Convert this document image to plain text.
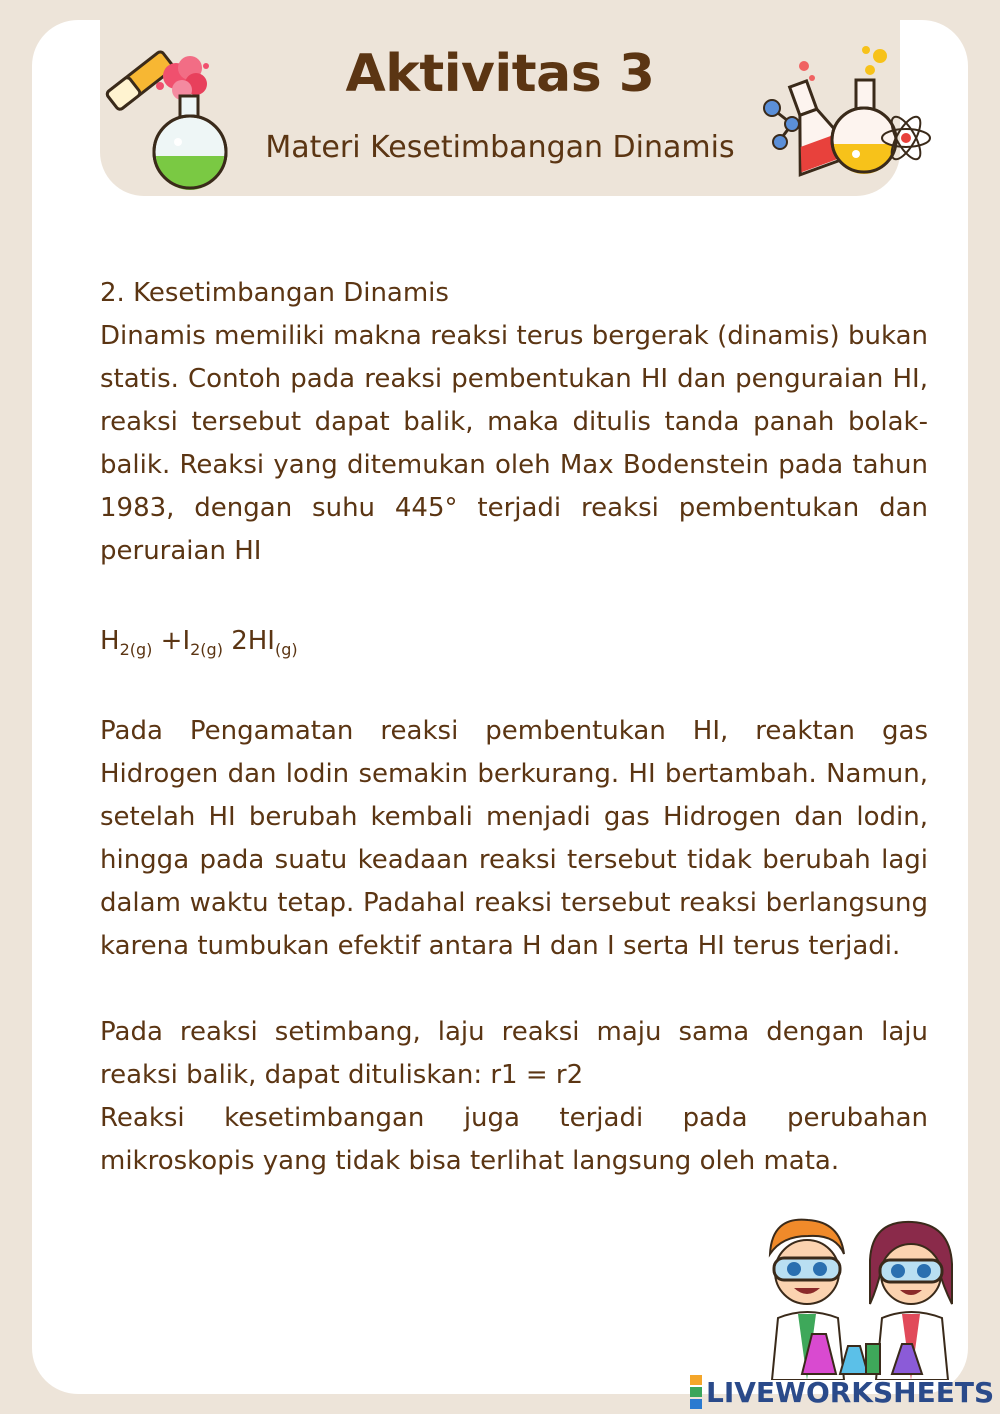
Aktivitas 3
Materi Kesetimbangan Dinamis

2. Kesetimbangan Dinamis

Dinamis memiliki makna reaksi terus bergerak (dinamis) bukan statis. Contoh pada reaksi pembentukan HI dan penguraian HI, reaksi tersebut dapat balik, maka ditulis tanda panah bolak-balik. Reaksi yang ditemukan oleh Max Bodenstein pada tahun 1983, dengan suhu 445° terjadi reaksi pembentukan dan peruraian HI

$H_{2(g)} +I_{2(g)}$ $2HI_{(g)}$

Pada Pengamatan reaksi pembentukan HI, reaktan gas Hidrogen dan lodin semakin berkurang. HI bertambah. Namun, setelah HI berubah kembali menjadi gas Hidrogen dan lodin, hingga pada suatu keadaan reaksi tersebut tidak berubah lagi dalam waktu tetap. Padahal reaksi tersebut reaksi berlangsung karena tumbukan efektif antara H dan I serta HI terus terjadi.

Pada reaksi setimbang, laju reaksi maju sama dengan laju reaksi balik, dapat dituliskan: r1 = r2

Reaksi kesetimbangan juga terjadi pada perubahan mikroskopis yang tidak bisa terlihat langsung oleh mata.

LIVEWORKSHEETS
